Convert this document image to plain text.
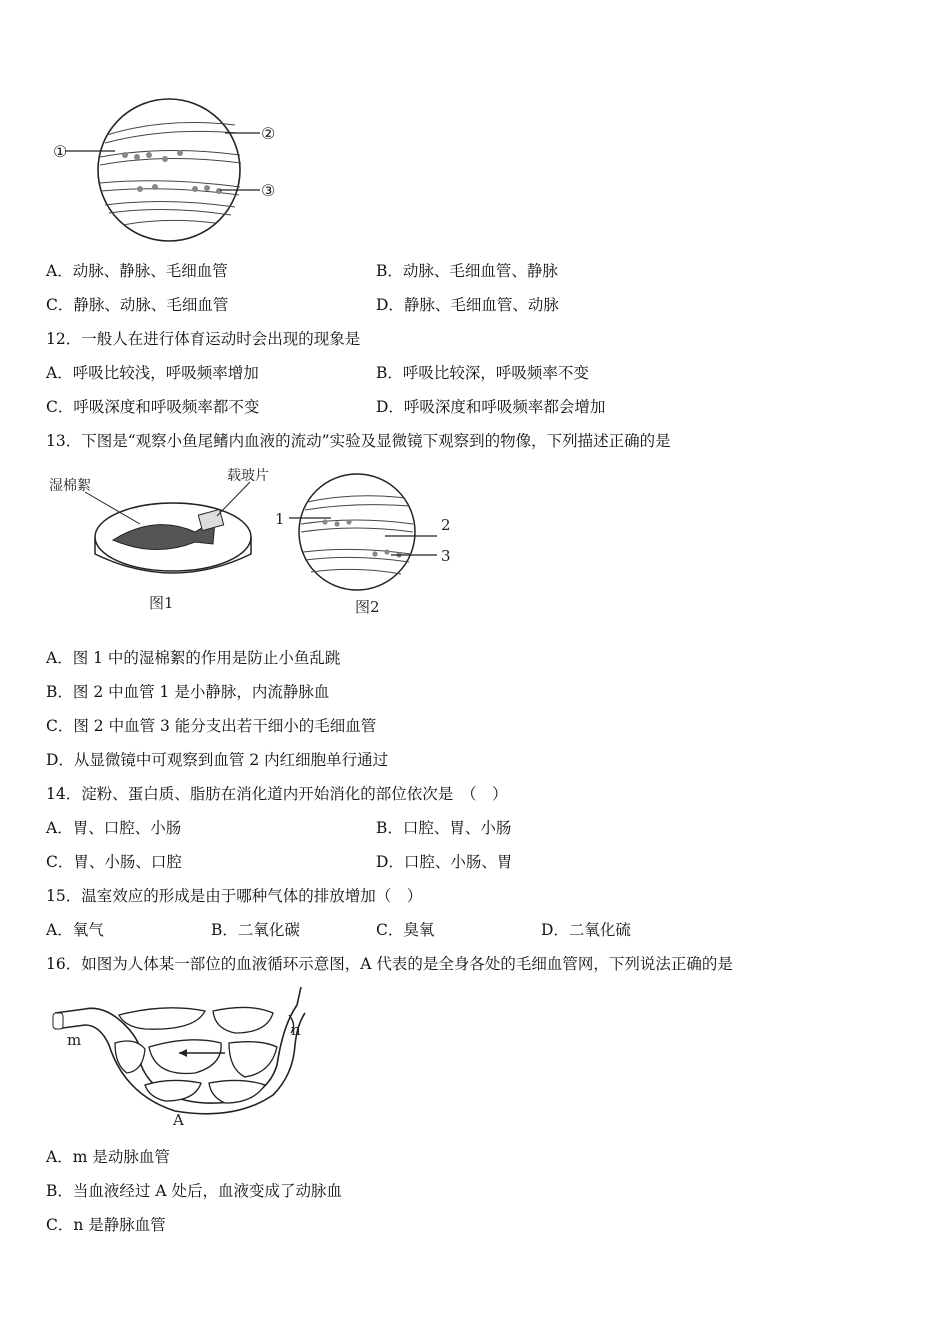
①
②
③
A．动脉、静脉、毛细血管	B．动脉、毛细血管、静脉
C．静脉、动脉、毛细血管	D．静脉、毛细血管、动脉
12．一般人在进行体育运动时会出现的现象是
A．呼吸比较浅，呼吸频率增加	B．呼吸比较深，呼吸频率不变
C．呼吸深度和呼吸频率都不变	D．呼吸深度和呼吸频率都会增加
13．下图是“观察小鱼尾鳍内血液的流动”实验及显微镜下观察到的物像，下列描述正确的是
湿棉絮
载玻片
图1
1	2
3
图2
A．图 1 中的湿棉絮的作用是防止小鱼乱跳
B．图 2 中血管 1 是小静脉，内流静脉血
C．图 2 中血管 3 能分支出若干细小的毛细血管
D．从显微镜中可观察到血管 2 内红细胞单行通过
14．淀粉、蛋白质、脂肪在消化道内开始消化的部位依次是　（　）
A．胃、口腔、小肠	B．口腔、胃、小肠
C．胃、小肠、口腔	D．口腔、小肠、胃
15．温室效应的形成是由于哪种气体的排放增加（　）
A．氧气	B．二氧化碳	C．臭氧	D．二氧化硫
16．如图为人体某一部位的血液循环示意图，A 代表的是全身各处的毛细血管网，下列说法正确的是
m
n
A
A．m 是动脉血管
B．当血液经过 A 处后，血液变成了动脉血
C．n 是静脉血管
